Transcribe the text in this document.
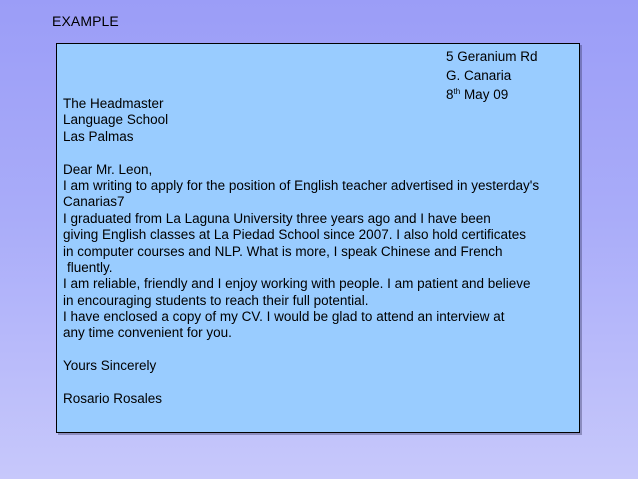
EXAMPLE
5 Geranium Rd
G. Canaria
8th May 09
The Headmaster
Language School
Las Palmas
Dear Mr. Leon,
I am writing to apply for the position of English teacher advertised in yesterday's
Canarias7
I graduated from La Laguna University three years ago and I have been
giving English classes at La Piedad School since 2007. I also hold certificates
in computer courses and NLP. What is more, I speak Chinese and French
fluently.
I am reliable, friendly and I enjoy working with people. I am patient and believe
in encouraging students to reach their full potential.
I have enclosed a copy of my CV. I would be glad to attend an interview at
any time convenient for you.
Yours Sincerely
Rosario Rosales
